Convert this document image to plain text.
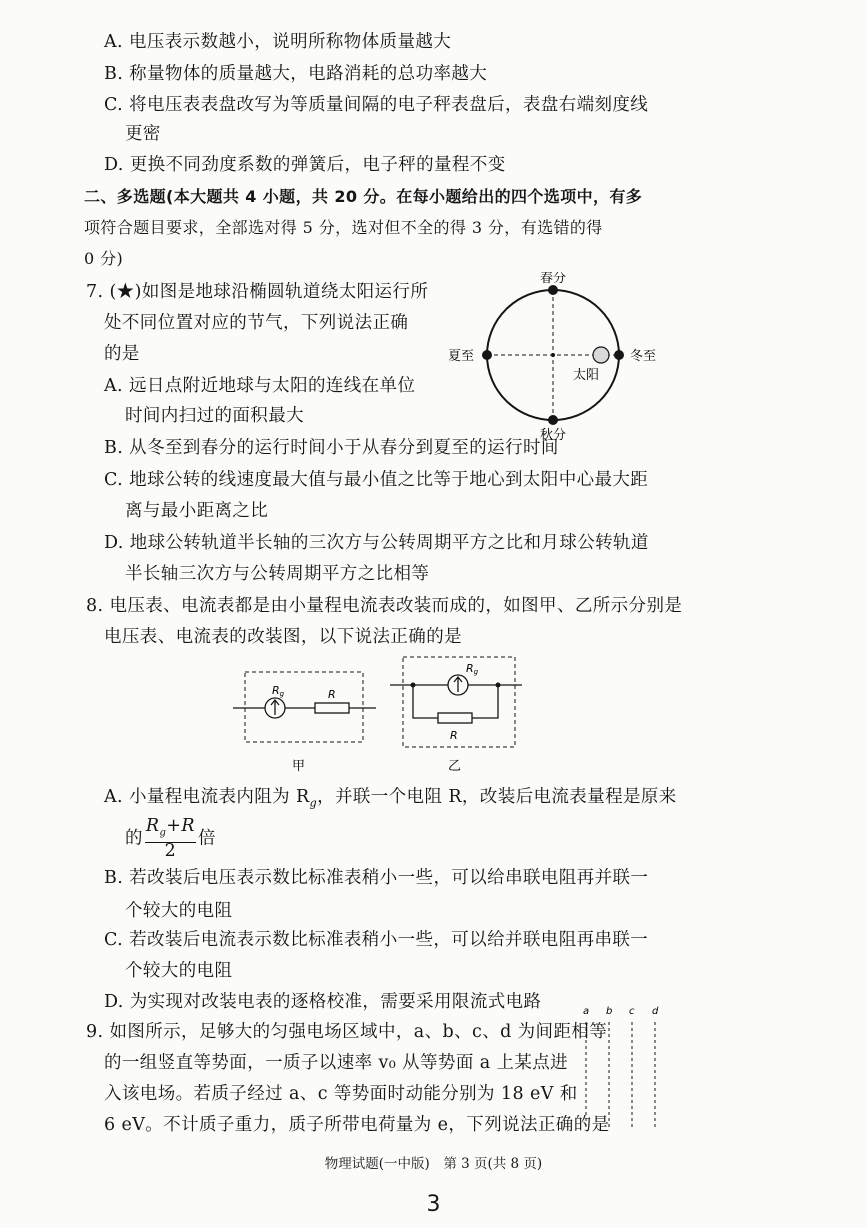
A. 电压表示数越小，说明所称物体质量越大
B. 称量物体的质量越大，电路消耗的总功率越大
C. 将电压表表盘改写为等质量间隔的电子秤表盘后，表盘右端刻度线
更密
D. 更换不同劲度系数的弹簧后，电子秤的量程不变
二、多选题(本大题共 4 小题，共 20 分。在每小题给出的四个选项中，有多
项符合题目要求，全部选对得 5 分，选对但不全的得 3 分，有选错的得
0 分)
7. (★)如图是地球沿椭圆轨道绕太阳运行所
处不同位置对应的节气，下列说法正确
的是
A. 远日点附近地球与太阳的连线在单位
时间内扫过的面积最大
B. 从冬至到春分的运行时间小于从春分到夏至的运行时间
C. 地球公转的线速度最大值与最小值之比等于地心到太阳中心最大距
离与最小距离之比
D. 地球公转轨道半长轴的三次方与公转周期平方之比和月球公转轨道
半长轴三次方与公转周期平方之比相等
春分
夏至	冬至
秋分
太阳
8. 电压表、电流表都是由小量程电流表改装而成的，如图甲、乙所示分别是
电压表、电流表的改装图，以下说法正确的是
Rg	R
甲
Rg
R
乙
A. 小量程电流表内阻为 $R_g$，并联一个电阻 R，改装后电流表量程是原来
的 $\frac{R_g+R}{2}$ 倍
B. 若改装后电压表示数比标准表稍小一些，可以给串联电阻再并联一
个较大的电阻
C. 若改装后电流表示数比标准表稍小一些，可以给并联电阻再串联一
个较大的电阻
D. 为实现对改装电表的逐格校准，需要采用限流式电路
9. 如图所示，足够大的匀强电场区域中，a、b、c、d 为间距相等
的一组竖直等势面，一质子以速率 v₀ 从等势面 a 上某点进
入该电场。若质子经过 a、c 等势面时动能分别为 18 eV 和
6 eV。不计质子重力，质子所带电荷量为 e，下列说法正确的是
a b c d
物理试题(一中版)　第 3 页(共 8 页)
3
